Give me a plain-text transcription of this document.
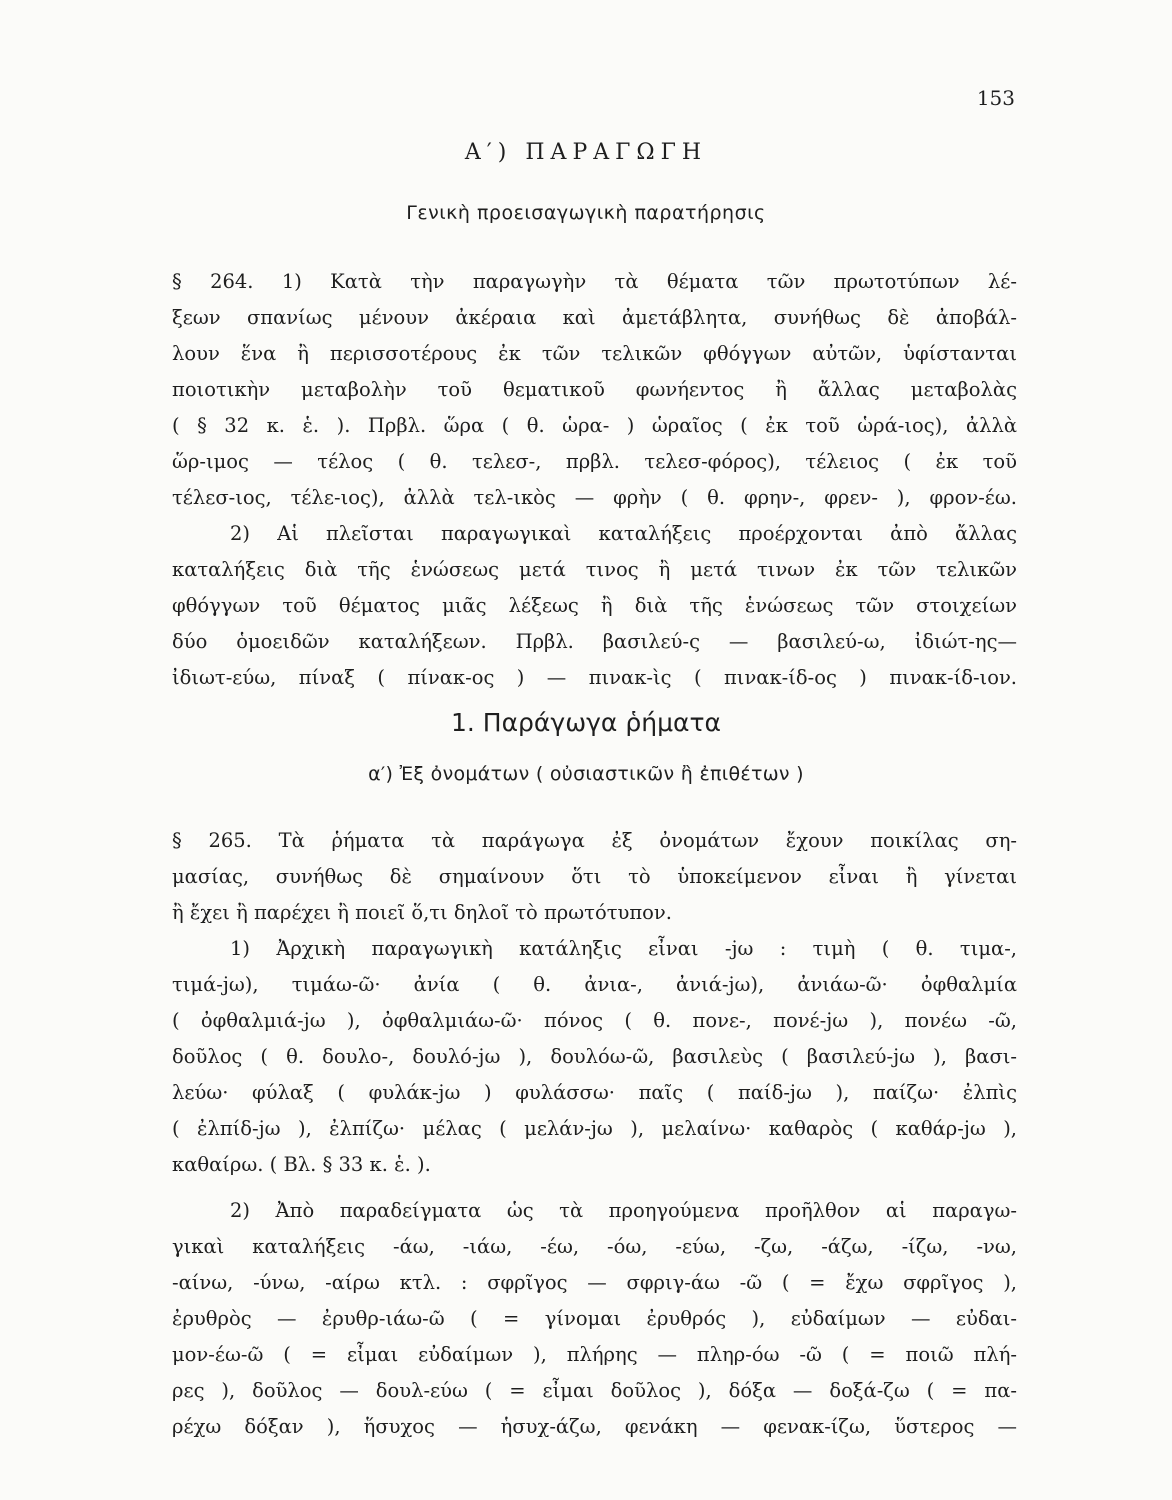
153
Α′) ΠΑΡΑΓΩΓΗ
Γενικὴ προεισαγωγικὴ παρατήρησις
§ 264. 1) Κατὰ τὴν παραγωγὴν τὰ θέματα τῶν πρωτοτύπων λέ-
ξεων σπανίως μένουν ἀκέραια καὶ ἀμετάβλητα, συνήθως δὲ ἀποβάλ-
λουν ἕνα ἢ περισσοτέρους ἐκ τῶν τελικῶν φθόγγων αὐτῶν, ὑφίστανται
ποιοτικὴν μεταβολὴν τοῦ θεματικοῦ φωνήεντος ἢ ἄλλας μεταβολὰς
( § 32 κ. ἑ. ). Πρβλ. ὥρα ( θ. ὡρα- ) ὡραῖος ( ἐκ τοῦ ὡρά-ιος), ἀλλὰ
ὥρ-ιμος — τέλος ( θ. τελεσ-, πρβλ. τελεσ-φόρος), τέλειος ( ἐκ τοῦ
τέλεσ-ιος, τέλε-ιος), ἀλλὰ τελ-ικὸς — φρὴν ( θ. φρην-, φρεν- ), φρον-έω.
2) Αἱ πλεῖσται παραγωγικαὶ καταλήξεις προέρχονται ἀπὸ ἄλλας
καταλήξεις διὰ τῆς ἑνώσεως μετά τινος ἢ μετά τινων ἐκ τῶν τελικῶν
φθόγγων τοῦ θέματος μιᾶς λέξεως ἢ διὰ τῆς ἑνώσεως τῶν στοιχείων
δύο ὁμοειδῶν καταλήξεων. Πρβλ. βασιλεύ-ς — βασιλεύ-ω, ἰδιώτ-ης—
ἰδιωτ-εύω, πίναξ ( πίνακ-ος ) — πινακ-ὶς ( πινακ-ίδ-ος ) πινακ-ίδ-ιον.
1. Παράγωγα ῥήματα
α′) Ἐξ ὀνομάτων ( οὐσιαστικῶν ἢ ἐπιθέτων )
§ 265. Τὰ ῥήματα τὰ παράγωγα ἐξ ὀνομάτων ἔχουν ποικίλας ση-
μασίας, συνήθως δὲ σημαίνουν ὅτι τὸ ὑποκείμενον εἶναι ἢ γίνεται
ἢ ἔχει ἢ παρέχει ἢ ποιεῖ ὅ,τι δηλοῖ τὸ πρωτότυπον.
1) Ἀρχικὴ παραγωγικὴ κατάληξις εἶναι -jω : τιμὴ ( θ. τιμα-,
τιμά-jω), τιμάω-ῶ· ἀνία ( θ. ἀνια-, ἀνιά-jω), ἀνιάω-ῶ· ὀφθαλμία
( ὀφθαλμιά-jω ), ὀφθαλμιάω-ῶ· πόνος ( θ. πονε-, πονέ-jω ), πονέω -ῶ,
δοῦλος ( θ. δουλο-, δουλό-jω ), δουλόω-ῶ, βασιλεὺς ( βασιλεύ-jω ), βασι-
λεύω· φύλαξ ( φυλάκ-jω ) φυλάσσω· παῖς ( παίδ-jω ), παίζω· ἐλπὶς
( ἐλπίδ-jω ), ἐλπίζω· μέλας ( μελάν-jω ), μελαίνω· καθαρὸς ( καθάρ-jω ),
καθαίρω. ( Βλ. § 33 κ. ἑ. ).
2) Ἀπὸ παραδείγματα ὡς τὰ προηγούμενα προῆλθον αἱ παραγω-
γικαὶ καταλήξεις -άω, -ιάω, -έω, -όω, -εύω, -ζω, -άζω, -ίζω, -νω,
-αίνω, -ύνω, -αίρω κτλ. : σφρῖγος — σφριγ-άω -ῶ ( = ἔχω σφρῖγος ),
ἐρυθρὸς — ἐρυθρ-ιάω-ῶ ( = γίνομαι ἐρυθρός ), εὐδαίμων — εὐδαι-
μον-έω-ῶ ( = εἶμαι εὐδαίμων ), πλήρης — πληρ-όω -ῶ ( = ποιῶ πλή-
ρες ), δοῦλος — δουλ-εύω ( = εἶμαι δοῦλος ), δόξα — δοξά-ζω ( = πα-
ρέχω δόξαν ), ἥσυχος — ἡσυχ-άζω, φενάκη — φενακ-ίζω, ὕστερος —
